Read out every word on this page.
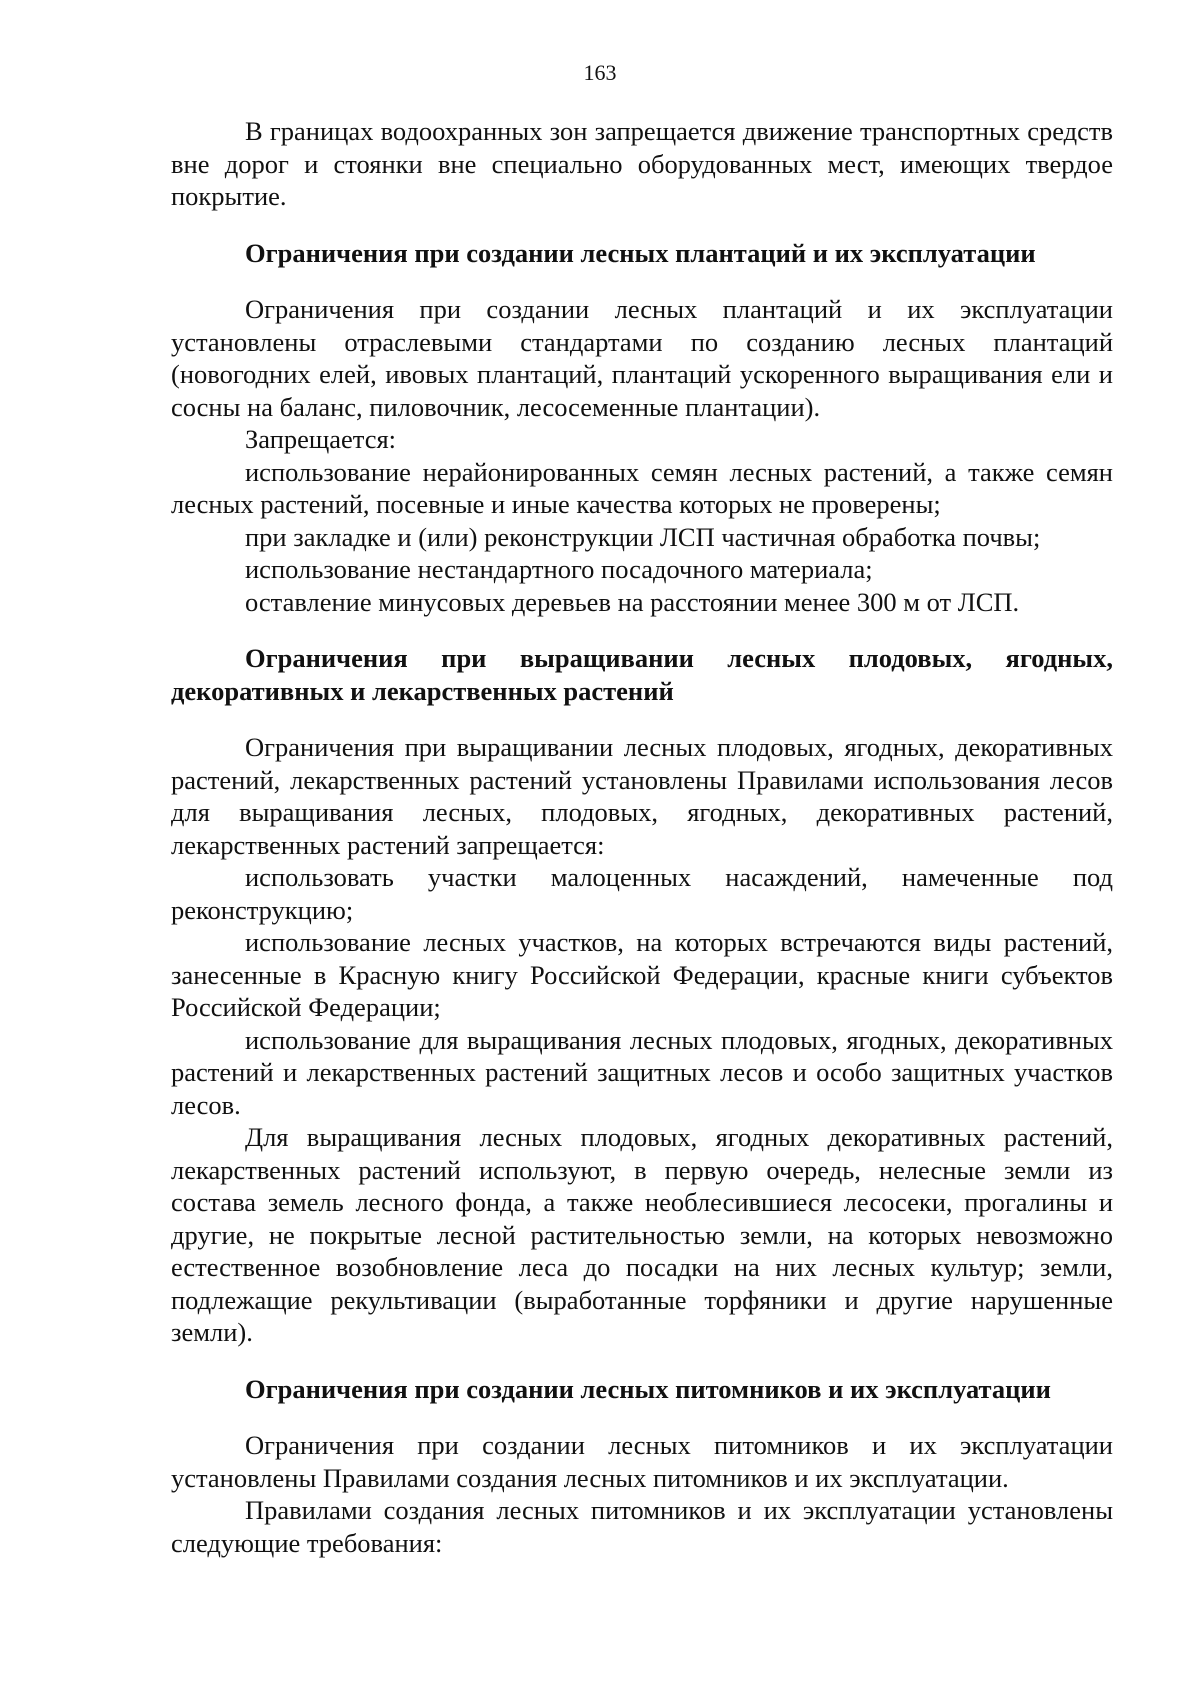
163

В границах водоохранных зон запрещается движение транспортных средств вне дорог и стоянки вне специально оборудованных мест, имеющих твердое покрытие.

Ограничения при создании лесных плантаций и их эксплуатации

Ограничения при создании лесных плантаций и их эксплуатации установлены отраслевыми стандартами по созданию лесных плантаций (новогодних елей, ивовых плантаций, плантаций ускоренного выращивания ели и сосны на баланс, пиловочник, лесосеменные плантации).

Запрещается:

использование нерайонированных семян лесных растений, а также семян лесных растений, посевные и иные качества которых не проверены;

при закладке и (или) реконструкции ЛСП частичная обработка почвы;

использование нестандартного посадочного материала;

оставление минусовых деревьев на расстоянии менее 300 м от ЛСП.

Ограничения при выращивании лесных плодовых, ягодных, декоративных и лекарственных растений

Ограничения при выращивании лесных плодовых, ягодных, декоративных растений, лекарственных растений установлены Правилами использования лесов для выращивания лесных, плодовых, ягодных, декоративных растений, лекарственных растений запрещается:

использовать участки малоценных насаждений, намеченные под реконструкцию;

использование лесных участков, на которых встречаются виды растений, занесенные в Красную книгу Российской Федерации, красные книги субъектов Российской Федерации;

использование для выращивания лесных плодовых, ягодных, декоративных растений и лекарственных растений защитных лесов и особо защитных участков лесов.

Для выращивания лесных плодовых, ягодных декоративных растений, лекарственных растений используют, в первую очередь, нелесные земли из состава земель лесного фонда, а также необлесившиеся лесосеки, прогалины и другие, не покрытые лесной растительностью земли, на которых невозможно естественное возобновление леса до посадки на них лесных культур; земли, подлежащие рекультивации (выработанные торфяники и другие нарушенные земли).

Ограничения при создании лесных питомников и их эксплуатации

Ограничения при создании лесных питомников и их эксплуатации установлены Правилами создания лесных питомников и их эксплуатации.

Правилами создания лесных питомников и их эксплуатации установлены следующие требования:
